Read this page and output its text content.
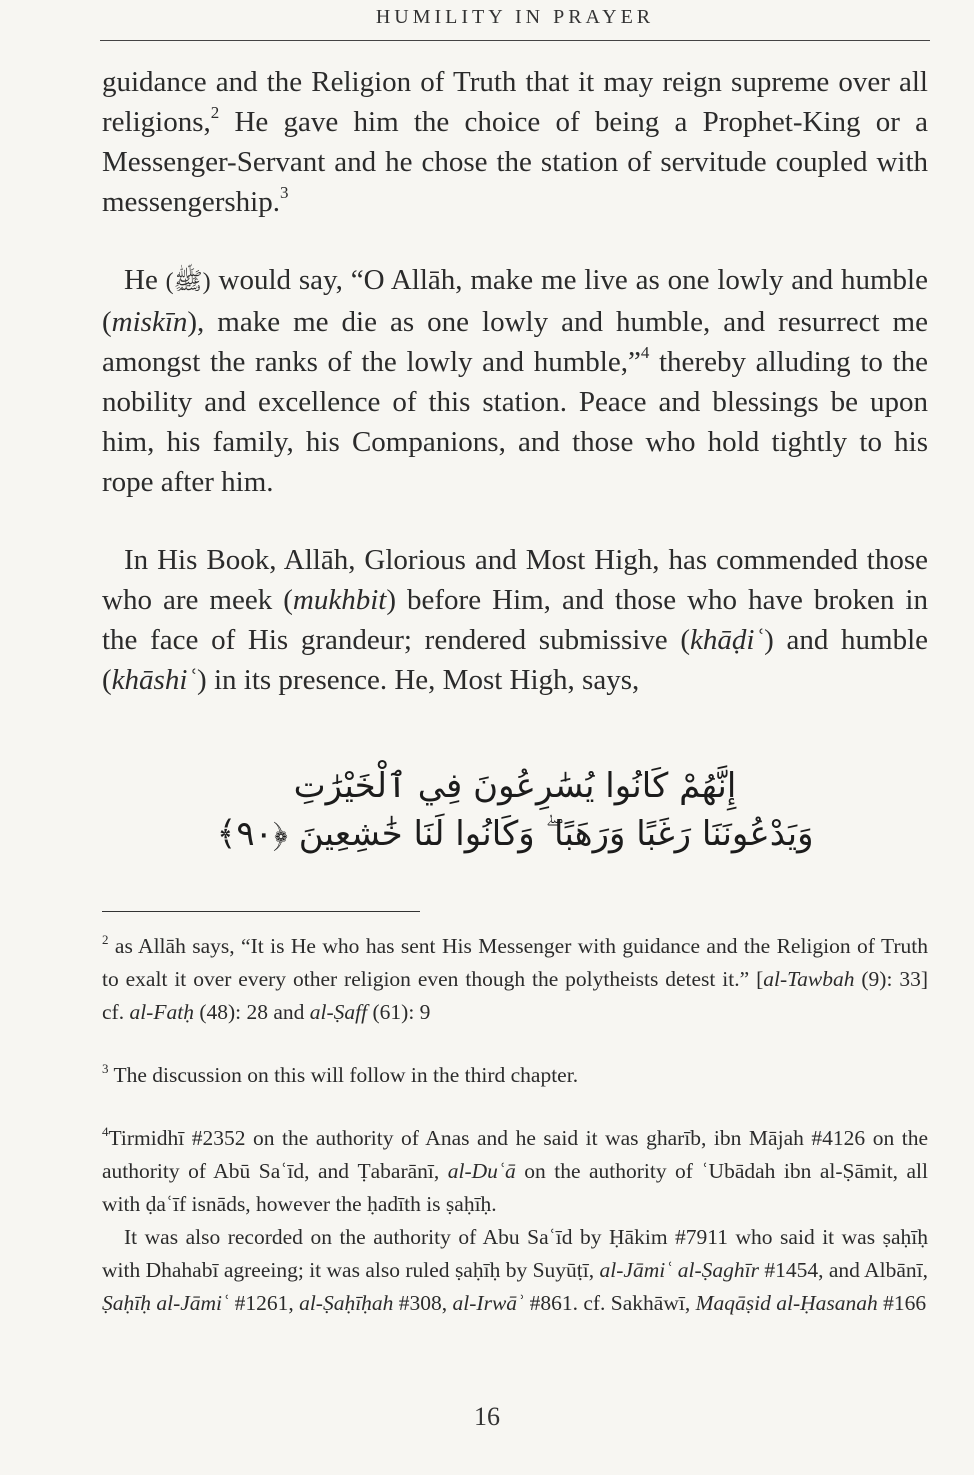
HUMILITY IN PRAYER

guidance and the Religion of Truth that it may reign supreme over all religions,$^2$ He gave him the choice of being a Prophet-King or a Messenger-Servant and he chose the station of servitude coupled with messengership.$^3$

He (ﷺ) would say, “O Allāh, make me live as one lowly and humble (miskīn), make me die as one lowly and humble, and resurrect me amongst the ranks of the lowly and humble,”$^4$ thereby alluding to the nobility and excellence of this station. Peace and blessings be upon him, his family, his Companions, and those who hold tightly to his rope after him.

In His Book, Allāh, Glorious and Most High, has commended those who are meek (mukhbit) before Him, and those who have broken in the face of His grandeur; rendered submissive (khāḍiʿ) and humble (khāshiʿ) in its presence. He, Most High, says,

إِنَّهُمْ كَانُوا يُسَٰرِعُونَ فِي ٱلْخَيْرَٰتِ
وَيَدْعُونَنَا رَغَبًا وَرَهَبًا ۖ وَكَانُوا لَنَا خَٰشِعِينَ ﴿٩٠﴾

$^2$ as Allāh says, “It is He who has sent His Messenger with guidance and the Religion of Truth to exalt it over every other religion even though the polytheists detest it.” [al-Tawbah (9): 33] cf. al-Fatḥ (48): 28 and al-Ṣaff (61): 9

$^3$ The discussion on this will follow in the third chapter.

$^4$Tirmidhī #2352 on the authority of Anas and he said it was gharīb, ibn Mājah #4126 on the authority of Abū Saʿīd, and Ṭabarānī, al-Duʿā on the authority of ʿUbādah ibn al-Ṣāmit, all with ḍaʿīf isnāds, however the ḥadīth is ṣaḥīḥ.

It was also recorded on the authority of Abu Saʿīd by Ḥākim #7911 who said it was ṣaḥīḥ with Dhahabī agreeing; it was also ruled ṣaḥīḥ by Suyūṭī, al-Jāmiʿ al-Ṣaghīr #1454, and Albānī, Ṣaḥīḥ al-Jāmiʿ #1261, al-Ṣaḥīḥah #308, al-Irwāʾ #861. cf. Sakhāwī, Maqāṣid al-Ḥasanah #166

16
